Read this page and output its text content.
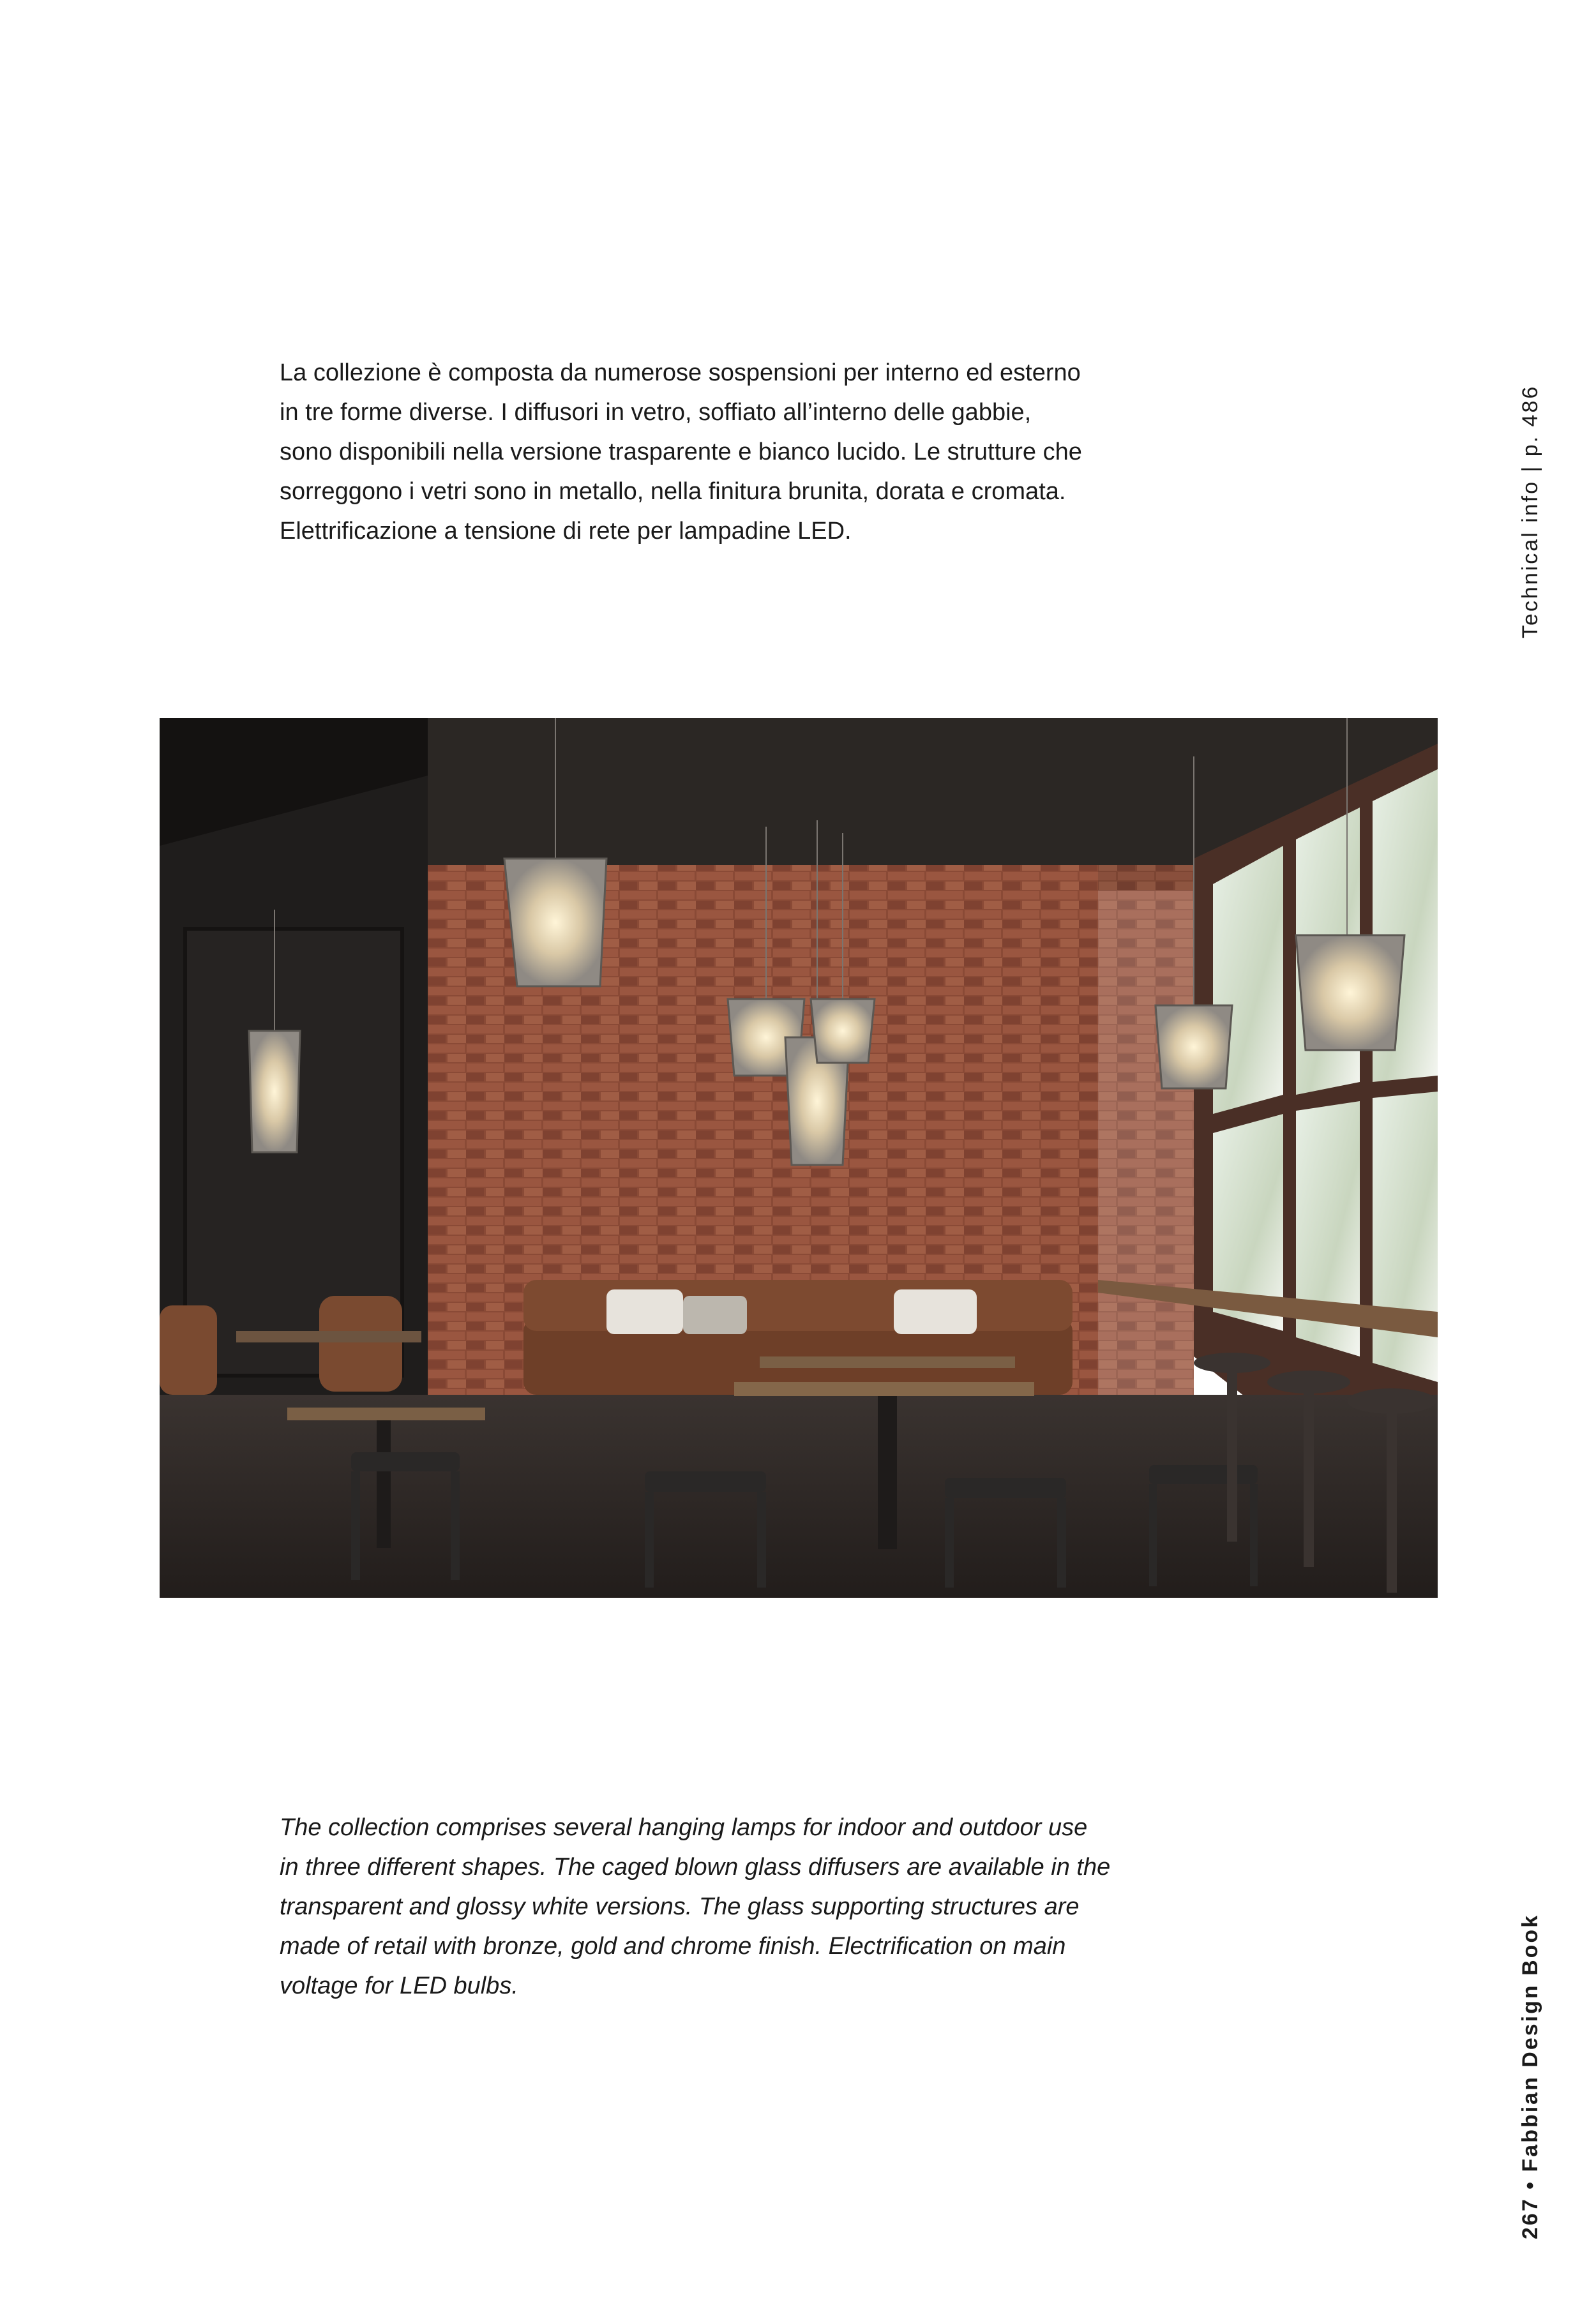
La collezione è composta da numerose sospensioni per interno ed esterno
in tre forme diverse. I diffusori in vetro, soffiato all’interno delle gabbie,
sono disponibili nella versione trasparente e bianco lucido. Le strutture che
sorreggono i vetri sono in metallo, nella finitura brunita, dorata e cromata.
Elettrificazione a tensione di rete per lampadine LED.	Technical info | p. 486

The collection comprises several hanging lamps for indoor and outdoor use
in three different shapes. The caged blown glass diffusers are available in the
transparent and glossy white versions. The glass supporting structures are
made of retail with bronze, gold and chrome finish. Electrification on main
voltage for LED bulbs.	267 • Fabbian Design Book
